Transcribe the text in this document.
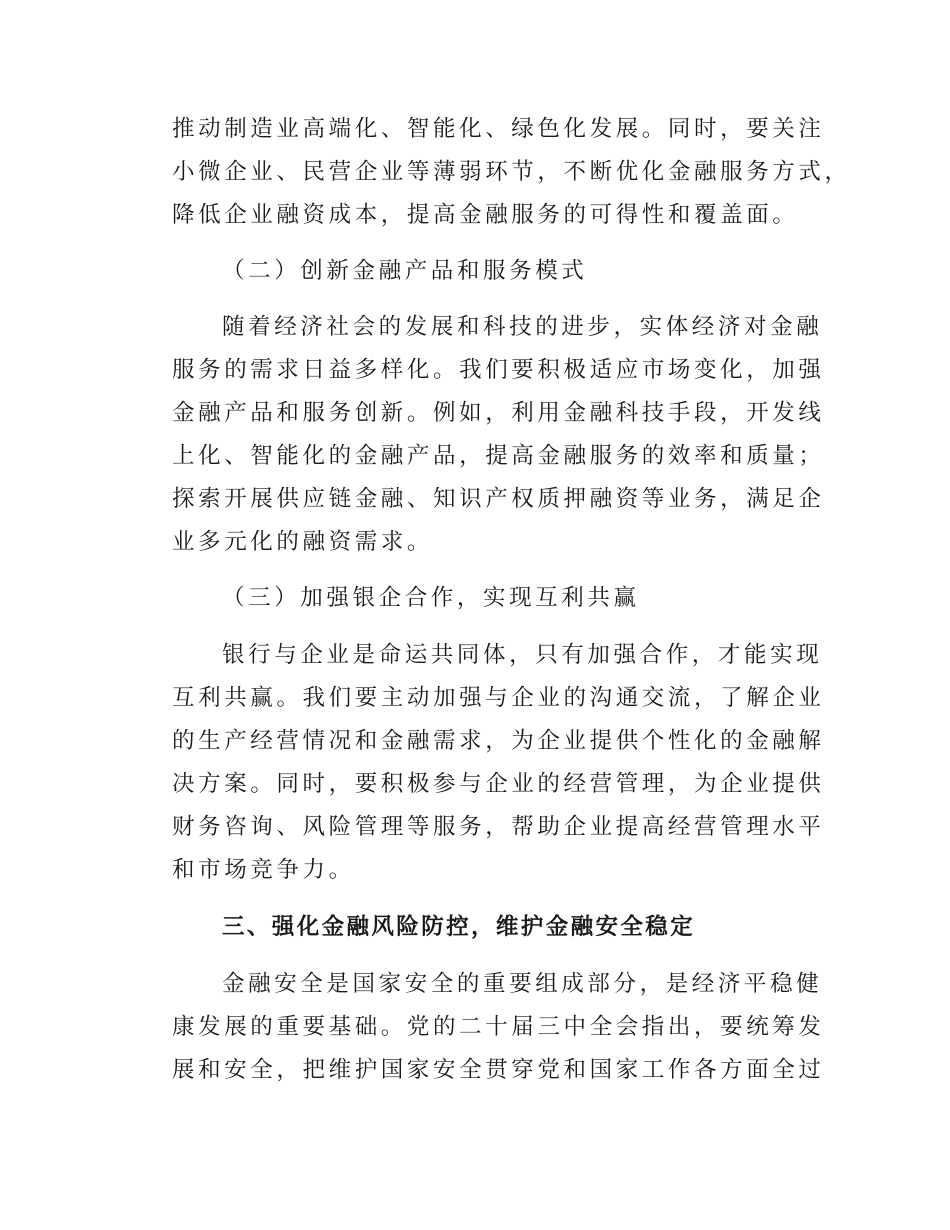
推动制造业高端化、智能化、绿色化发展。同时，要关注
小微企业、民营企业等薄弱环节，不断优化金融服务方式，
降低企业融资成本，提高金融服务的可得性和覆盖面。
（二）创新金融产品和服务模式
随着经济社会的发展和科技的进步，实体经济对金融
服务的需求日益多样化。我们要积极适应市场变化，加强
金融产品和服务创新。例如，利用金融科技手段，开发线
上化、智能化的金融产品，提高金融服务的效率和质量；
探索开展供应链金融、知识产权质押融资等业务，满足企
业多元化的融资需求。
（三）加强银企合作，实现互利共赢
银行与企业是命运共同体，只有加强合作，才能实现
互利共赢。我们要主动加强与企业的沟通交流，了解企业
的生产经营情况和金融需求，为企业提供个性化的金融解
决方案。同时，要积极参与企业的经营管理，为企业提供
财务咨询、风险管理等服务，帮助企业提高经营管理水平
和市场竞争力。
三、强化金融风险防控，维护金融安全稳定
金融安全是国家安全的重要组成部分，是经济平稳健
康发展的重要基础。党的二十届三中全会指出，要统筹发
展和安全，把维护国家安全贯穿党和国家工作各方面全过
